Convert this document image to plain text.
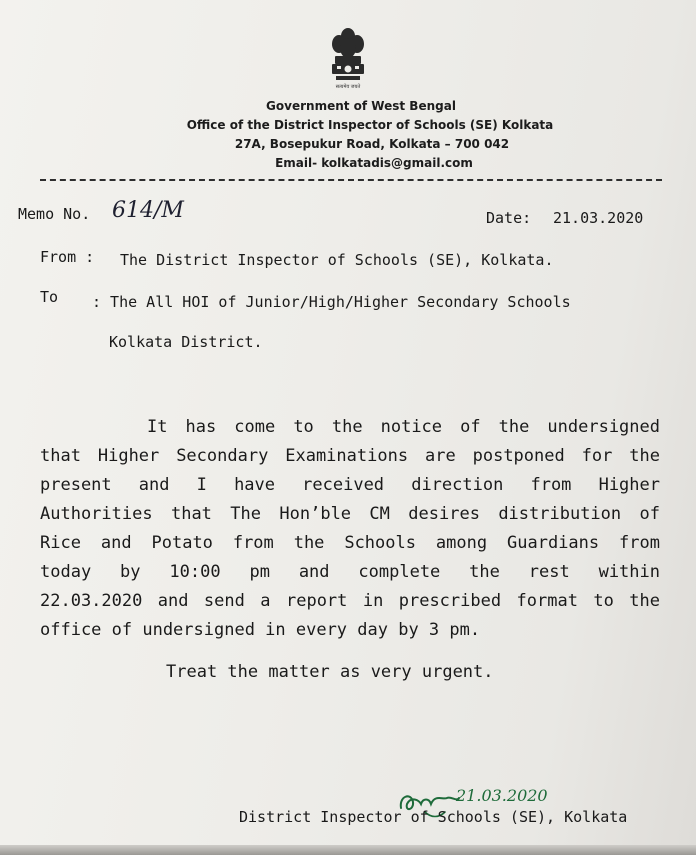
सत्यमेव जयते
Government of West Bengal
Office of the District Inspector of Schools (SE) Kolkata
27A, Bosepukur Road, Kolkata – 700 042
Email- kolkatadis@gmail.com
Memo No. 614/M	Date: 21.03.2020
From : The District Inspector of Schools (SE), Kolkata.
To : The All HOI of Junior/High/Higher Secondary Schools
Kolkata District.
It has come to the notice of the undersigned
that Higher Secondary Examinations are postponed for the
present and I have received direction from Higher
Authorities that The Hon’ble CM desires distribution of
Rice and Potato from the Schools among Guardians from
today by 10:00 pm and complete the rest within
22.03.2020 and send a report in prescribed format to the
office of undersigned in every day by 3 pm.
Treat the matter as very urgent.
21.03.2020
District Inspector of Schools (SE), Kolkata
